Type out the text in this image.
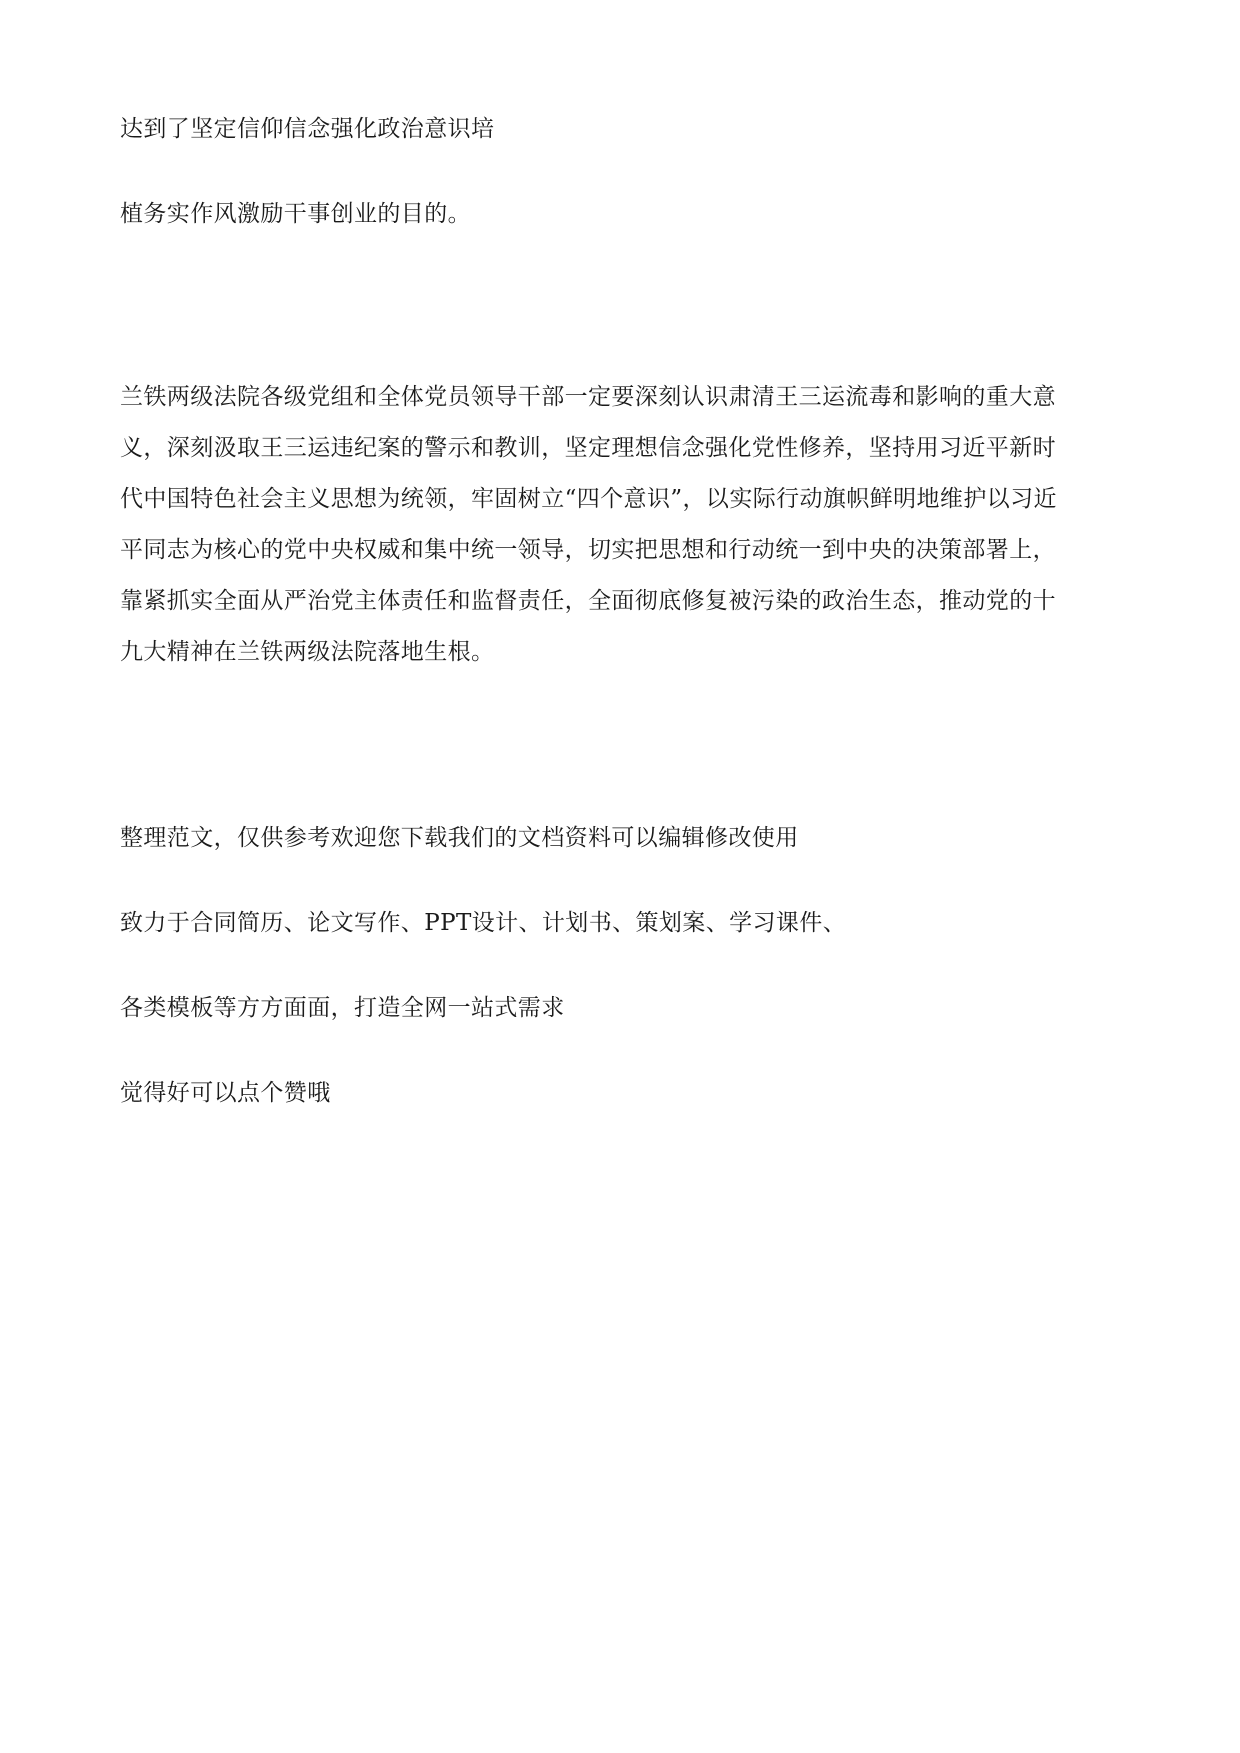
达到了坚定信仰信念强化政治意识培

植务实作风激励干事创业的目的。

兰铁两级法院各级党组和全体党员领导干部一定要深刻认识肃清王三运流毒和影响的重大意
义，深刻汲取王三运违纪案的警示和教训，坚定理想信念强化党性修养，坚持用习近平新时
代中国特色社会主义思想为统领，牢固树立“四个意识”，以实际行动旗帜鲜明地维护以习近
平同志为核心的党中央权威和集中统一领导，切实把思想和行动统一到中央的决策部署上，
靠紧抓实全面从严治党主体责任和监督责任，全面彻底修复被污染的政治生态，推动党的十
九大精神在兰铁两级法院落地生根。

整理范文，仅供参考欢迎您下载我们的文档资料可以编辑修改使用

致力于合同简历、论文写作、PPT设计、计划书、策划案、学习课件、

各类模板等方方面面，打造全网一站式需求

觉得好可以点个赞哦
